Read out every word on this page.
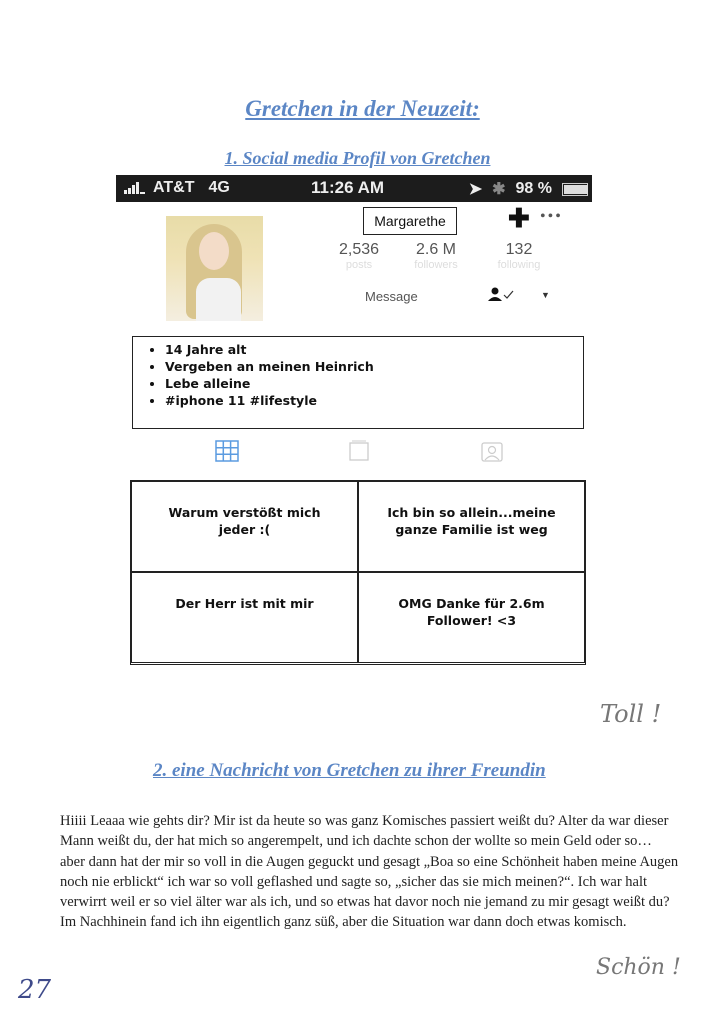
Gretchen in der Neuzeit:
1. Social media Profil von Gretchen
AT&T 4G	11:26 AM	➤ ✱ 98 %
Margarethe	✚ •••
2,536
posts
2.6 M
followers
132
following
Message	▼
• 14 Jahre alt
• Vergeben an meinen Heinrich
• Lebe alleine
• #iphone 11 #lifestyle
Warum verstößt mich jeder :(
Ich bin so allein...meine ganze Familie ist weg
Der Herr ist mit mir	OMG Danke für 2.6m Follower! <3
Toll !
2. eine Nachricht von Gretchen zu ihrer Freundin
Hiiii Leaaa wie gehts dir? Mir ist da heute so was ganz Komisches passiert weißt du? Alter da war dieser Mann weißt du, der hat mich so angerempelt, und ich dachte schon der wollte so mein Geld oder so… aber dann hat der mir so voll in die Augen geguckt und gesagt „Boa so eine Schönheit haben meine Augen noch nie erblickt“ ich war so voll geflashed und sagte so, „sicher das sie mich meinen?“. Ich war halt verwirrt weil er so viel älter war als ich, und so etwas hat davor noch nie jemand zu mir gesagt weißt du? Im Nachhinein fand ich ihn eigentlich ganz süß, aber die Situation war dann doch etwas komisch.
Schön !
27
